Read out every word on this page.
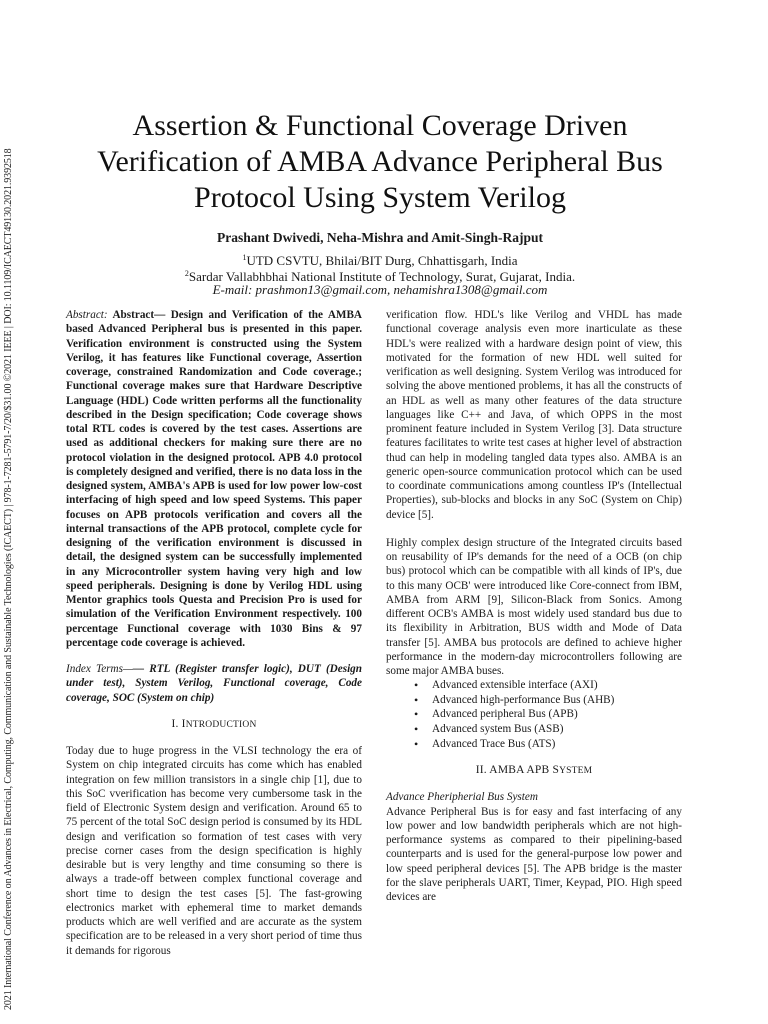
2021 International Conference on Advances in Electrical, Computing, Communication and Sustainable Technologies (ICAECT) | 978-1-7281-5791-7/20/$31.00 ©2021 IEEE | DOI: 10.1109/ICAECT49130.2021.9392518
Assertion & Functional Coverage Driven
Verification of AMBA Advance Peripheral Bus
Protocol Using System Verilog
Prashant Dwivedi, Neha-Mishra and Amit-Singh-Rajput
$^1$UTD CSVTU, Bhilai/BIT Durg, Chhattisgarh, India
$^2$Sardar Vallabhbhai National Institute of Technology, Surat, Gujarat, India.
E-mail: prashmon13@gmail.com, nehamishra1308@gmail.com

Abstract: Abstract— Design and Verification of the AMBA based Advanced Peripheral bus is presented in this paper. Verification environment is constructed using the System Verilog, it has features like Functional coverage, Assertion coverage, constrained Randomization and Code coverage.; Functional coverage makes sure that Hardware Descriptive Language (HDL) Code written performs all the functionality described in the Design specification; Code coverage shows total RTL codes is covered by the test cases. Assertions are used as additional checkers for making sure there are no protocol violation in the designed protocol. APB 4.0 protocol is completely designed and verified, there is no data loss in the designed system, AMBA's APB is used for low power low-cost interfacing of high speed and low speed Systems. This paper focuses on APB protocols verification and covers all the internal transactions of the APB protocol, complete cycle for designing of the verification environment is discussed in detail, the designed system can be successfully implemented in any Microcontroller system having very high and low speed peripherals. Designing is done by Verilog HDL using Mentor graphics tools Questa and Precision Pro is used for simulation of the Verification Environment respectively. 100 percentage Functional coverage with 1030 Bins & 97 percentage code coverage is achieved.

Index Terms—— RTL (Register transfer logic), DUT (Design under test), System Verilog, Functional coverage, Code coverage, SOC (System on chip)

I. INTRODUCTION

Today due to huge progress in the VLSI technology the era of System on chip integrated circuits has come which has enabled integration on few million transistors in a single chip [1], due to this SoC vverification has become very cumbersome task in the field of Electronic System design and verification. Around 65 to 75 percent of the total SoC design period is consumed by its HDL design and verification so formation of test cases with very precise corner cases from the design specification is highly desirable but is very lengthy and time consuming so there is always a trade-off between complex functional coverage and short time to design the test cases [5]. The fast-growing electronics market with ephemeral time to market demands products which are well verified and are accurate as the system specification are to be released in a very short period of time thus it demands for rigorous

verification flow. HDL's like Verilog and VHDL has made functional coverage analysis even more inarticulate as these HDL's were realized with a hardware design point of view, this motivated for the formation of new HDL well suited for verification as well designing. System Verilog was introduced for solving the above mentioned problems, it has all the constructs of an HDL as well as many other features of the data structure languages like C++ and Java, of which OPPS in the most prominent feature included in System Verilog [3]. Data structure features facilitates to write test cases at higher level of abstraction thud can help in modeling tangled data types also. AMBA is an generic open-source communication protocol which can be used to coordinate communications among countless IP's (Intellectual Properties), sub-blocks and blocks in any SoC (System on Chip) device [5].

Highly complex design structure of the Integrated circuits based on reusability of IP's demands for the need of a OCB (on chip bus) protocol which can be compatible with all kinds of IP's, due to this many OCB' were introduced like Core-connect from IBM, AMBA from ARM [9], Silicon-Black from Sonics. Among different OCB's AMBA is most widely used standard bus due to its flexibility in Arbitration, BUS width and Mode of Data transfer [5]. AMBA bus protocols are defined to achieve higher performance in the modern-day microcontrollers following are some major AMBA buses.

• Advanced extensible interface (AXI)
• Advanced high-performance Bus (AHB)
• Advanced peripheral Bus (APB)
• Advanced system Bus (ASB)
• Advanced Trace Bus (ATS)
II. AMBA APB SYSTEM

Advance Pheripherial Bus System

Advance Peripheral Bus is for easy and fast interfacing of any low power and low bandwidth peripherals which are not high-performance systems as compared to their pipelining-based counterparts and is used for the general-purpose low power and low speed peripheral devices [5]. The APB bridge is the master for the slave peripherals UART, Timer, Keypad, PIO. High speed devices are
